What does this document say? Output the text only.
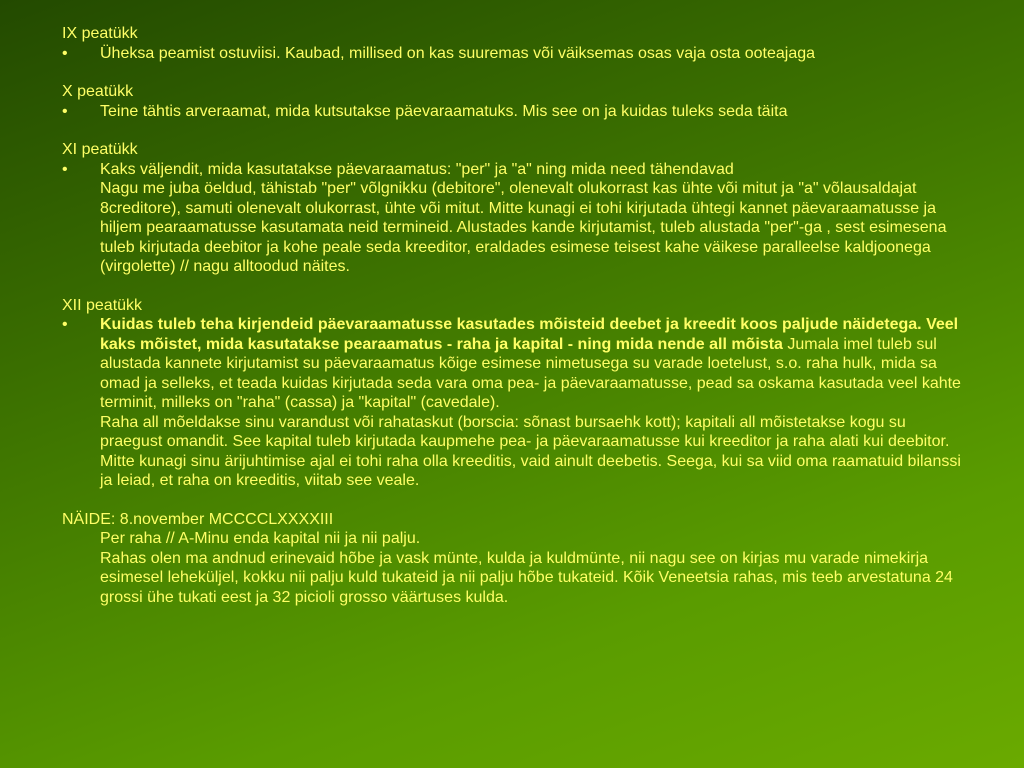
IX peatükk
• Üheksa peamist ostuviisi. Kaubad, millised on kas suuremas või väiksemas osas vaja osta ooteajaga
X peatükk
• Teine tähtis arveraamat, mida kutsutakse päevaraamatuks. Mis see on ja kuidas tuleks seda täita
XI peatükk
• Kaks väljendit, mida kasutatakse päevaraamatus: "per" ja "a" ning mida need tähendavad
Nagu me juba öeldud, tähistab "per" võlgnikku (debitore", olenevalt olukorrast kas ühte või mitut ja "a" võlausaldajat 8creditore), samuti olenevalt olukorrast, ühte või mitut. Mitte kunagi ei tohi kirjutada ühtegi kannet päevaraamatusse ja hiljem pearaamatusse kasutamata neid termineid. Alustades kande kirjutamist, tuleb alustada "per"-ga , sest esimesena tuleb kirjutada deebitor ja kohe peale seda kreeditor, eraldades esimese teisest kahe väikese paralleelse kaldjoonega (virgolette) // nagu alltoodud näites.
XII peatükk
• Kuidas tuleb teha kirjendeid päevaraamatusse kasutades mõisteid deebet ja kreedit koos paljude näidetega. Veel kaks mõistet, mida kasutatakse pearaamatus - raha ja kapital - ning mida nende all mõista Jumala imel tuleb sul alustada kannete kirjutamist su päevaraamatus kõige esimese nimetusega su varade loetelust, s.o. raha hulk, mida sa omad ja selleks, et teada kuidas kirjutada seda vara oma pea- ja päevaraamatusse, pead sa oskama kasutada veel kahte terminit, milleks on "raha" (cassa) ja "kapital" (cavedale).
Raha all mõeldakse sinu varandust või rahataskut (borscia: sõnast bursaehk kott); kapitali all mõistetakse kogu su praegust omandit. See kapital tuleb kirjutada kaupmehe pea- ja päevaraamatusse kui kreeditor ja raha alati kui deebitor. Mitte kunagi sinu ärijuhtimise ajal ei tohi raha olla kreeditis, vaid ainult deebetis. Seega, kui sa viid oma raamatuid bilanssi ja leiad, et raha on kreeditis, viitab see veale.
NÄIDE: 8.november MCCCCLXXXXIII
Per raha // A-Minu enda kapital nii ja nii palju.
Rahas olen ma andnud erinevaid hõbe ja vask münte, kulda ja kuldmünte, nii nagu see on kirjas mu varade nimekirja esimesel leheküljel, kokku nii palju kuld tukateid ja nii palju hõbe tukateid. Kõik Veneetsia rahas, mis teeb arvestatuna 24 grossi ühe tukati eest ja 32 picioli grosso väärtuses kulda.
